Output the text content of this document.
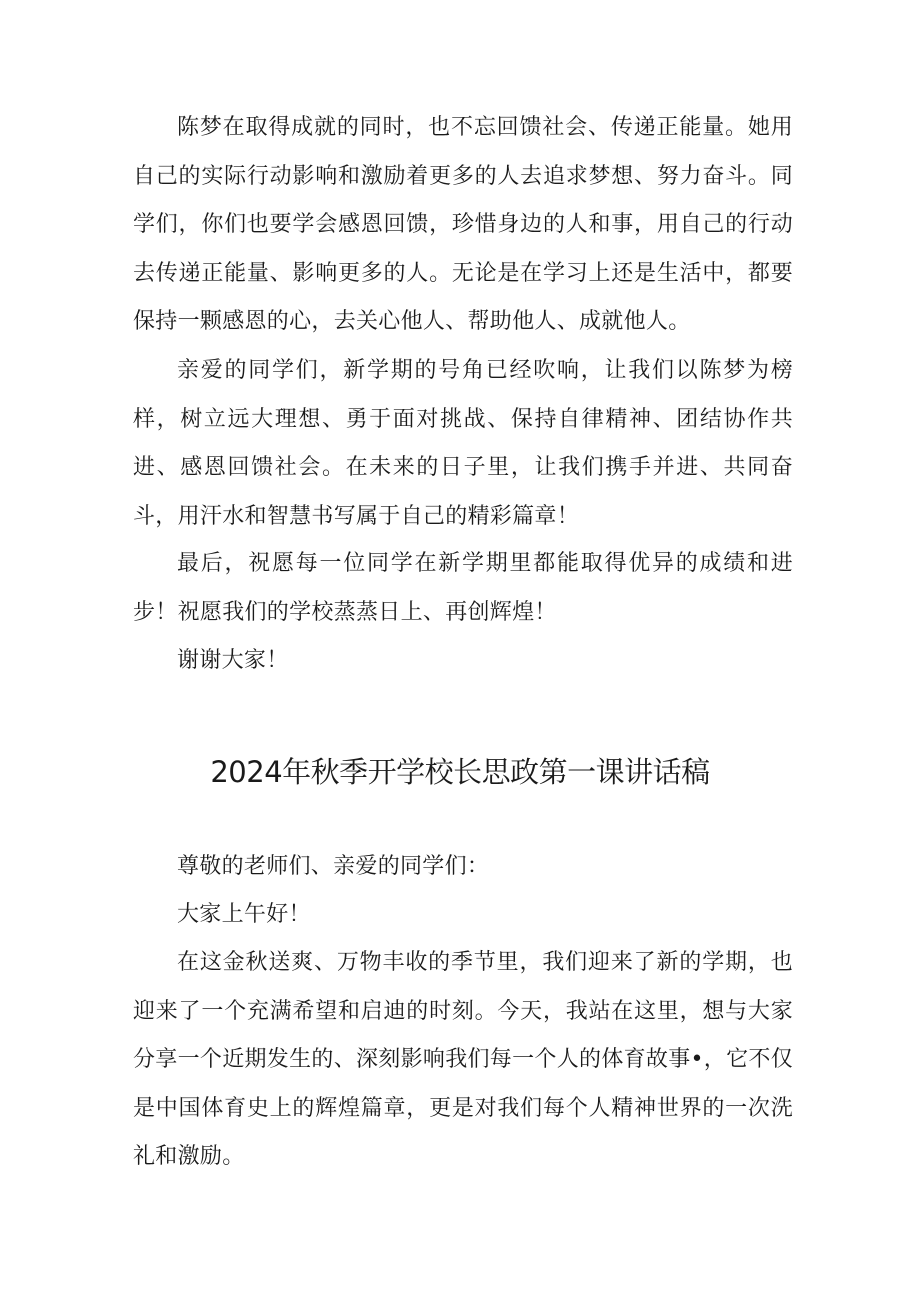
陈梦在取得成就的同时，也不忘回馈社会、传递正能量。她用自己的实际行动影响和激励着更多的人去追求梦想、努力奋斗。同学们，你们也要学会感恩回馈，珍惜身边的人和事，用自己的行动去传递正能量、影响更多的人。无论是在学习上还是生活中，都要保持一颗感恩的心，去关心他人、帮助他人、成就他人。

亲爱的同学们，新学期的号角已经吹响，让我们以陈梦为榜样，树立远大理想、勇于面对挑战、保持自律精神、团结协作共进、感恩回馈社会。在未来的日子里，让我们携手并进、共同奋斗，用汗水和智慧书写属于自己的精彩篇章！

最后，祝愿每一位同学在新学期里都能取得优异的成绩和进步！祝愿我们的学校蒸蒸日上、再创辉煌！

谢谢大家！

2024年秋季开学校长思政第一课讲话稿

尊敬的老师们、亲爱的同学们：

大家上午好！

在这金秋送爽、万物丰收的季节里，我们迎来了新的学期，也迎来了一个充满希望和启迪的时刻。今天，我站在这里，想与大家分享一个近期发生的、深刻影响我们每一个人的体育故事•，它不仅是中国体育史上的辉煌篇章，更是对我们每个人精神世界的一次洗礼和激励。
